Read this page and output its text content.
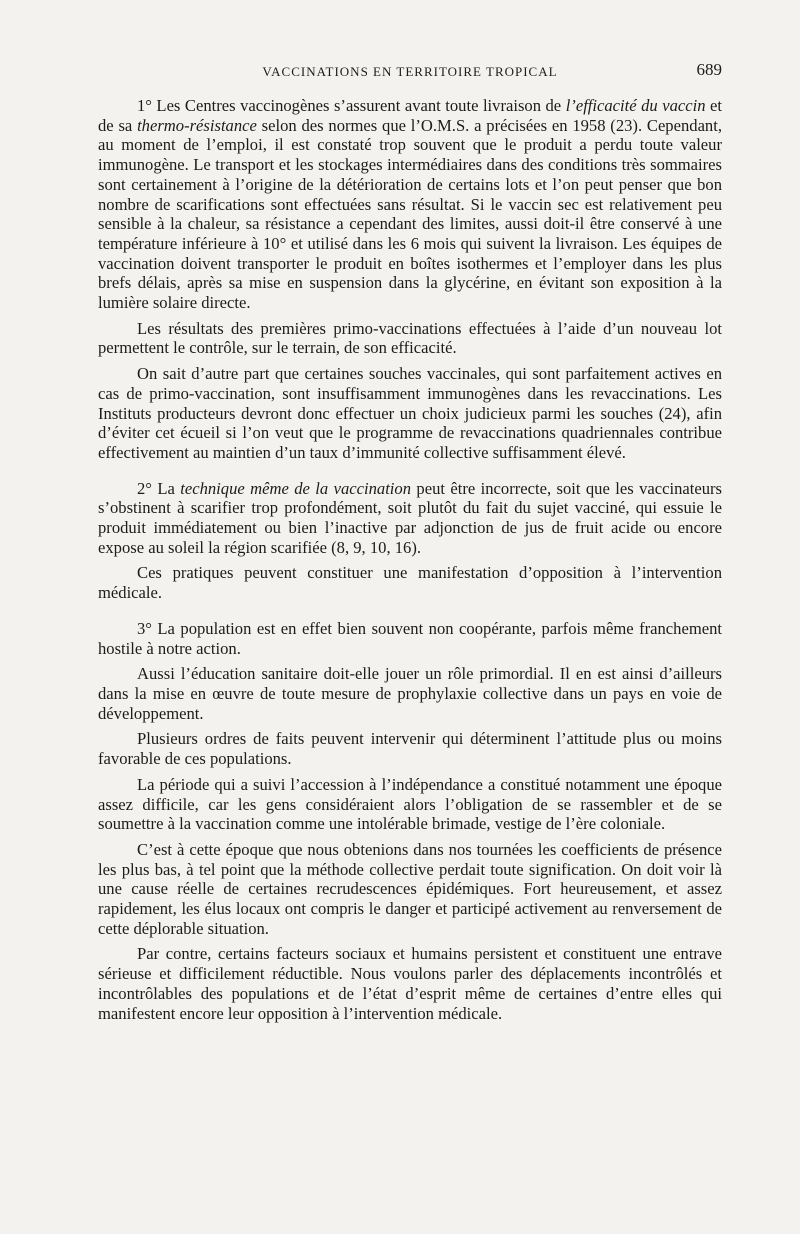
VACCINATIONS EN TERRITOIRE TROPICAL	689

1° Les Centres vaccinogènes s’assurent avant toute livraison de l’efficacité du vaccin et de sa thermo-résistance selon des normes que l’O.M.S. a précisées en 1958 (23). Cependant, au moment de l’emploi, il est constaté trop souvent que le produit a perdu toute valeur immunogène. Le transport et les stockages intermédiaires dans des conditions très sommaires sont certainement à l’origine de la détérioration de certains lots et l’on peut penser que bon nombre de scarifications sont effectuées sans résultat. Si le vaccin sec est relativement peu sensible à la chaleur, sa résistance a cependant des limites, aussi doit-il être conservé à une température inférieure à 10° et utilisé dans les 6 mois qui suivent la livraison. Les équipes de vaccination doivent transporter le produit en boîtes isothermes et l’employer dans les plus brefs délais, après sa mise en suspension dans la glycérine, en évitant son exposition à la lumière solaire directe.

Les résultats des premières primo-vaccinations effectuées à l’aide d’un nouveau lot permettent le contrôle, sur le terrain, de son efficacité.

On sait d’autre part que certaines souches vaccinales, qui sont parfaitement actives en cas de primo-vaccination, sont insuffisamment immunogènes dans les revaccinations. Les Instituts producteurs devront donc effectuer un choix judicieux parmi les souches (24), afin d’éviter cet écueil si l’on veut que le programme de revaccinations quadriennales contribue effectivement au maintien d’un taux d’immunité collective suffisamment élevé.

2° La technique même de la vaccination peut être incorrecte, soit que les vaccinateurs s’obstinent à scarifier trop profondément, soit plutôt du fait du sujet vacciné, qui essuie le produit immédiatement ou bien l’inactive par adjonction de jus de fruit acide ou encore expose au soleil la région scarifiée (8, 9, 10, 16).

Ces pratiques peuvent constituer une manifestation d’opposition à l’intervention médicale.

3° La population est en effet bien souvent non coopérante, parfois même franchement hostile à notre action.

Aussi l’éducation sanitaire doit-elle jouer un rôle primordial. Il en est ainsi d’ailleurs dans la mise en œuvre de toute mesure de prophylaxie collective dans un pays en voie de développement.

Plusieurs ordres de faits peuvent intervenir qui déterminent l’attitude plus ou moins favorable de ces populations.

La période qui a suivi l’accession à l’indépendance a constitué notamment une époque assez difficile, car les gens considéraient alors l’obligation de se rassembler et de se soumettre à la vaccination comme une intolérable brimade, vestige de l’ère coloniale.

C’est à cette époque que nous obtenions dans nos tournées les coefficients de présence les plus bas, à tel point que la méthode collective perdait toute signification. On doit voir là une cause réelle de certaines recrudescences épidémiques. Fort heureusement, et assez rapidement, les élus locaux ont compris le danger et participé activement au renversement de cette déplorable situation.

Par contre, certains facteurs sociaux et humains persistent et constituent une entrave sérieuse et difficilement réductible. Nous voulons parler des déplacements incontrôlés et incontrôlables des populations et de l’état d’esprit même de certaines d’entre elles qui manifestent encore leur opposition à l’intervention médicale.
